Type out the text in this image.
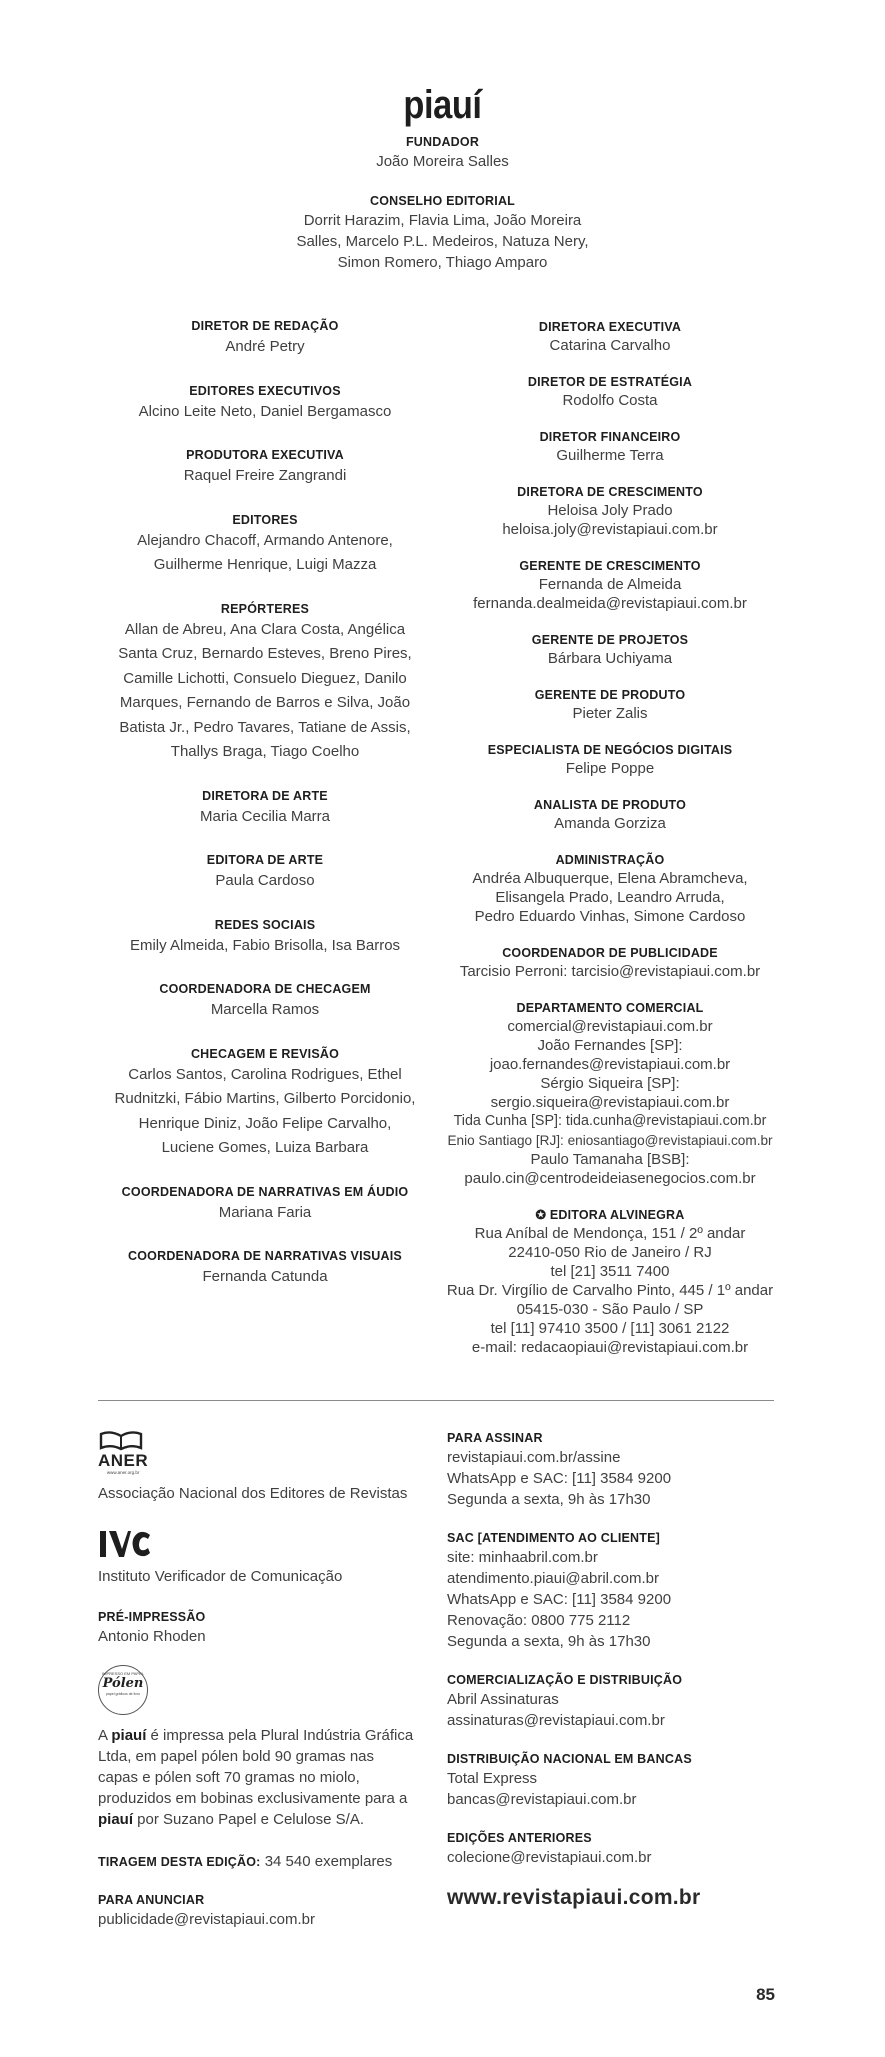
piauí
FUNDADOR
João Moreira Salles
CONSELHO EDITORIAL
Dorrit Harazim, Flavia Lima, João Moreira
Salles, Marcelo P.L. Medeiros, Natuza Nery,
Simon Romero, Thiago Amparo
DIRETOR DE REDAÇÃO
André Petry
EDITORES EXECUTIVOS
Alcino Leite Neto, Daniel Bergamasco
PRODUTORA EXECUTIVA
Raquel Freire Zangrandi
EDITORES
Alejandro Chacoff, Armando Antenore,
Guilherme Henrique, Luigi Mazza
REPÓRTERES
Allan de Abreu, Ana Clara Costa, Angélica
Santa Cruz, Bernardo Esteves, Breno Pires,
Camille Lichotti, Consuelo Dieguez, Danilo
Marques, Fernando de Barros e Silva, João
Batista Jr., Pedro Tavares, Tatiane de Assis,
Thallys Braga, Tiago Coelho
DIRETORA DE ARTE
Maria Cecilia Marra
EDITORA DE ARTE
Paula Cardoso
REDES SOCIAIS
Emily Almeida, Fabio Brisolla, Isa Barros
COORDENADORA DE CHECAGEM
Marcella Ramos
CHECAGEM E REVISÃO
Carlos Santos, Carolina Rodrigues, Ethel
Rudnitzki, Fábio Martins, Gilberto Porcidonio,
Henrique Diniz, João Felipe Carvalho,
Luciene Gomes, Luiza Barbara
COORDENADORA DE NARRATIVAS EM ÁUDIO
Mariana Faria
COORDENADORA DE NARRATIVAS VISUAIS
Fernanda Catunda
DIRETORA EXECUTIVA
Catarina Carvalho
DIRETOR DE ESTRATÉGIA
Rodolfo Costa
DIRETOR FINANCEIRO
Guilherme Terra
DIRETORA DE CRESCIMENTO
Heloisa Joly Prado
heloisa.joly@revistapiaui.com.br
GERENTE DE CRESCIMENTO
Fernanda de Almeida
fernanda.dealmeida@revistapiaui.com.br
GERENTE DE PROJETOS
Bárbara Uchiyama
GERENTE DE PRODUTO
Pieter Zalis
ESPECIALISTA DE NEGÓCIOS DIGITAIS
Felipe Poppe
ANALISTA DE PRODUTO
Amanda Gorziza
ADMINISTRAÇÃO
Andréa Albuquerque, Elena Abramcheva,
Elisangela Prado, Leandro Arruda,
Pedro Eduardo Vinhas, Simone Cardoso
COORDENADOR DE PUBLICIDADE
Tarcisio Perroni: tarcisio@revistapiaui.com.br
DEPARTAMENTO COMERCIAL
comercial@revistapiaui.com.br
João Fernandes [SP]:
joao.fernandes@revistapiaui.com.br
Sérgio Siqueira [SP]:
sergio.siqueira@revistapiaui.com.br
Tida Cunha [SP]: tida.cunha@revistapiaui.com.br
Enio Santiago [RJ]: eniosantiago@revistapiaui.com.br
Paulo Tamanaha [BSB]:
paulo.cin@centrodeideiasenegocios.com.br
✪ EDITORA ALVINEGRA
Rua Aníbal de Mendonça, 151 / 2º andar
22410-050 Rio de Janeiro / RJ
tel [21] 3511 7400
Rua Dr. Virgílio de Carvalho Pinto, 445 / 1º andar
05415-030 - São Paulo / SP
tel [11] 97410 3500 / [11] 3061 2122
e-mail: redacaopiaui@revistapiaui.com.br
ANER
www.aner.org.br
Associação Nacional dos Editores de Revistas
Instituto Verificador de Comunicação
PRÉ-IMPRESSÃO
Antonio Rhoden
IMPRESSO EM PAPEL
Pólen
papel gráficos de livro
A piauí é impressa pela Plural Indústria Gráfica Ltda, em papel pólen bold 90 gramas nas capas e pólen soft 70 gramas no miolo, produzidos em bobinas exclusivamente para a piauí por Suzano Papel e Celulose S/A.
TIRAGEM DESTA EDIÇÃO: 34 540 exemplares
PARA ANUNCIAR
publicidade@revistapiaui.com.br
PARA ASSINAR
revistapiaui.com.br/assine
WhatsApp e SAC: [11] 3584 9200
Segunda a sexta, 9h às 17h30
SAC [ATENDIMENTO AO CLIENTE]
site: minhaabril.com.br
atendimento.piaui@abril.com.br
WhatsApp e SAC: [11] 3584 9200
Renovação: 0800 775 2112
Segunda a sexta, 9h às 17h30
COMERCIALIZAÇÃO E DISTRIBUIÇÃO
Abril Assinaturas
assinaturas@revistapiaui.com.br
DISTRIBUIÇÃO NACIONAL EM BANCAS
Total Express
bancas@revistapiaui.com.br
EDIÇÕES ANTERIORES
colecione@revistapiaui.com.br
www.revistapiaui.com.br
85
